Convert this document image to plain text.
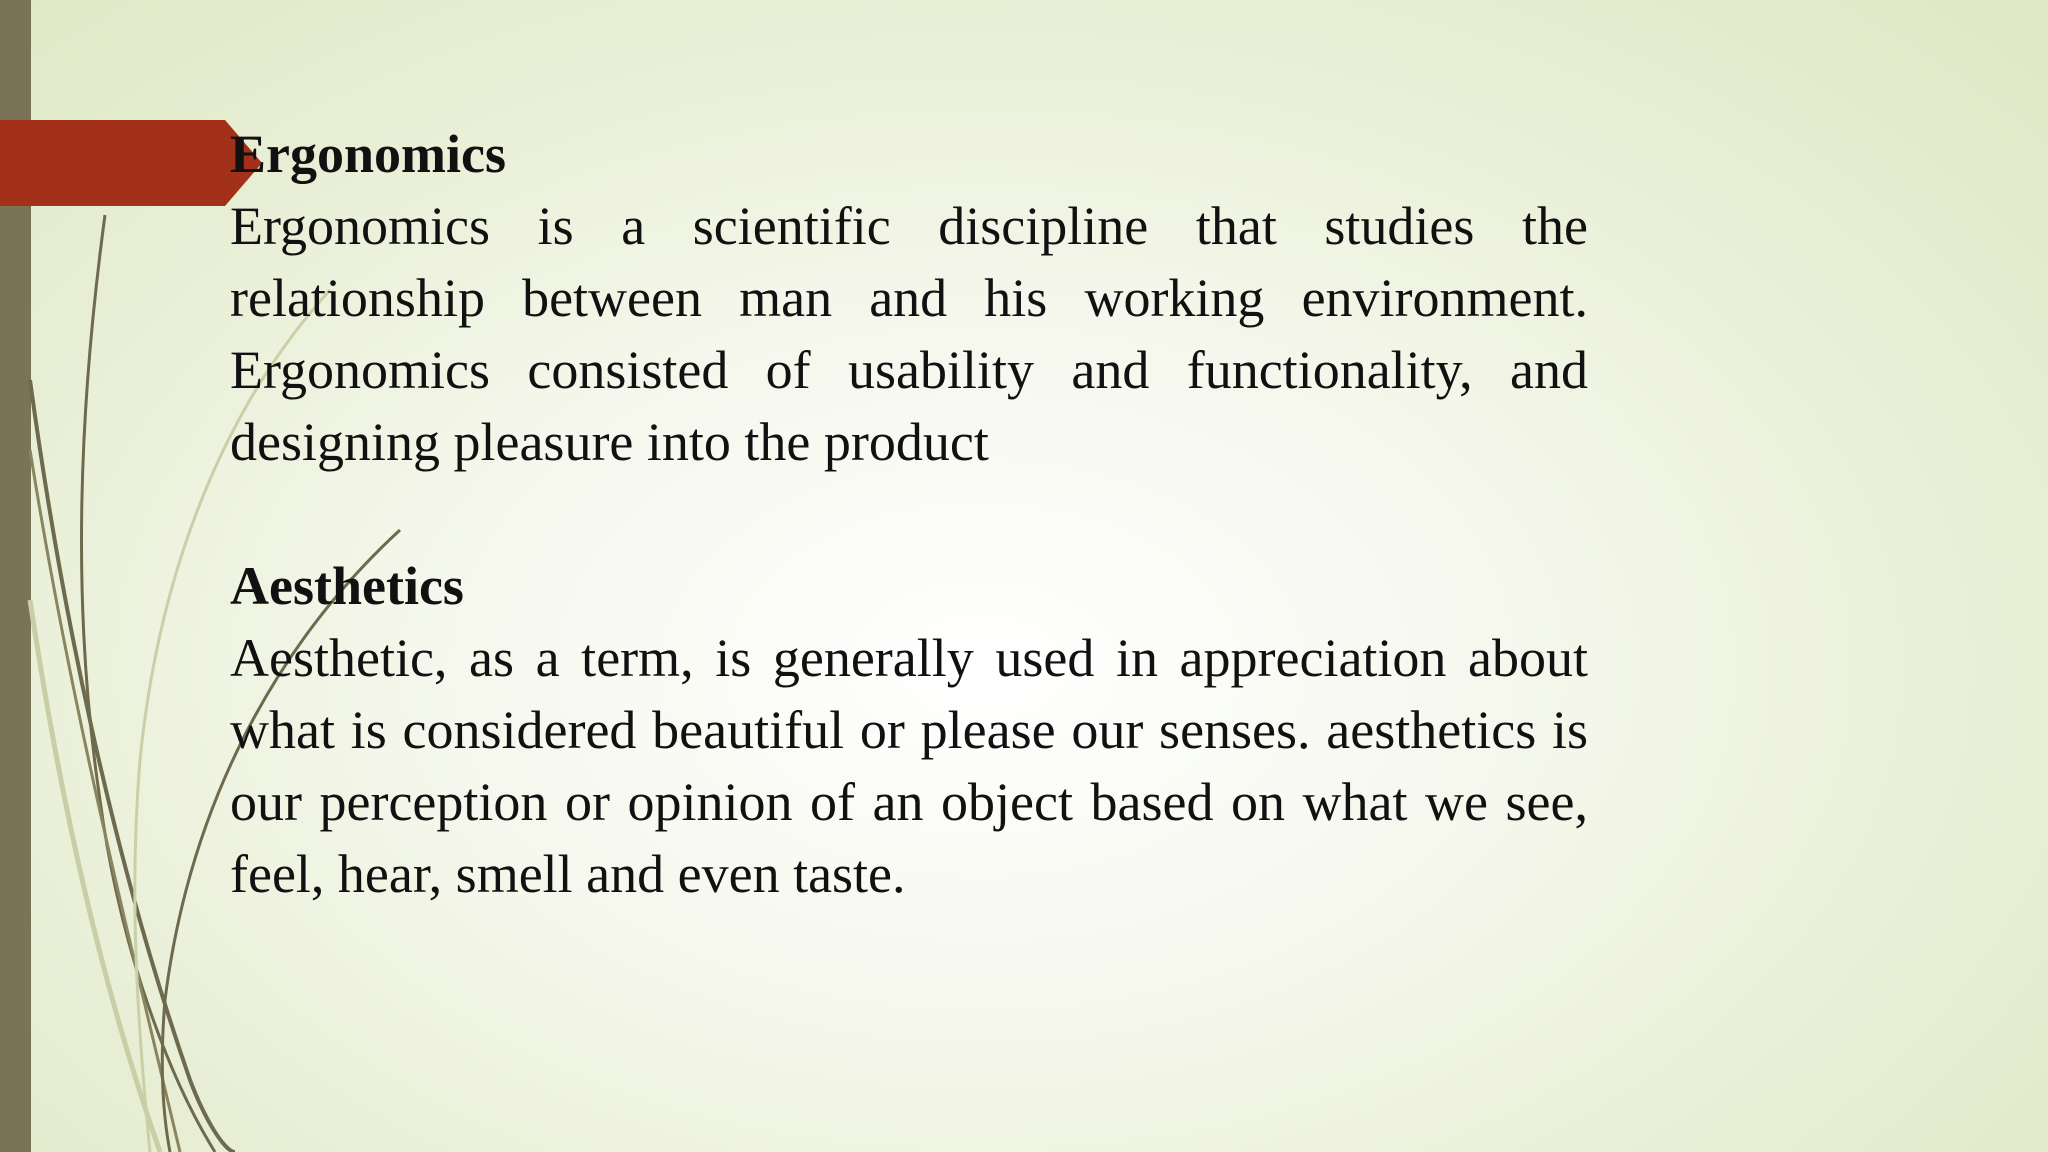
Ergonomics

Ergonomics is a scientific discipline that studies the relationship between man and his working environment. Ergonomics consisted of usability and functionality, and designing pleasure into the product

Aesthetics

Aesthetic, as a term, is generally used in appreciation about what is considered beautiful or please our senses. aesthetics is our perception or opinion of an object based on what we see, feel, hear, smell and even taste.
